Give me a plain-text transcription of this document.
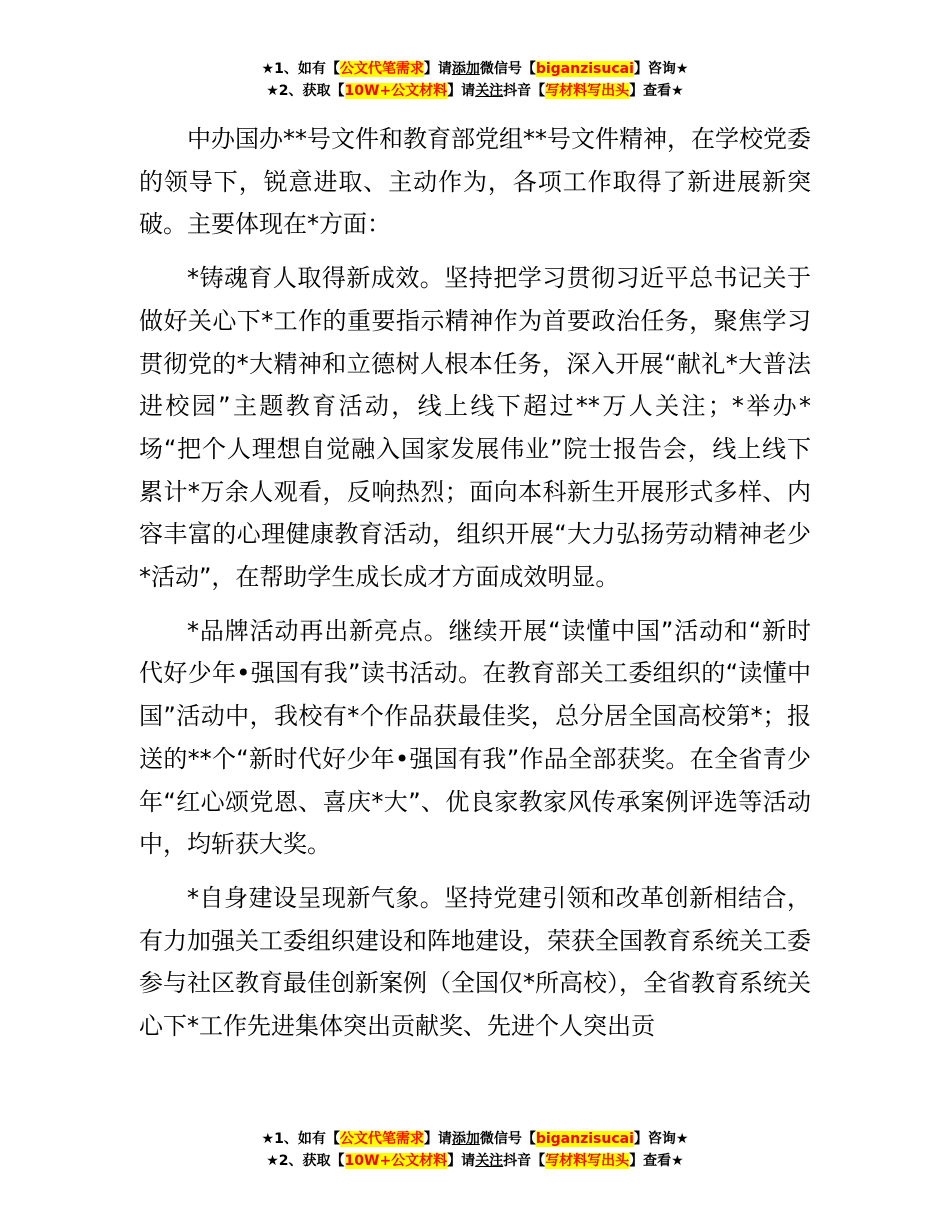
★1、如有【公文代笔需求】请添加微信号【biganzisucai】咨询★
★2、获取【10W+公文材料】请关注抖音【写材料写出头】查看★

中办国办**号文件和教育部党组**号文件精神，在学校党委的领导下，锐意进取、主动作为，各项工作取得了新进展新突破。主要体现在*方面：

*铸魂育人取得新成效。坚持把学习贯彻习近平总书记关于做好关心下*工作的重要指示精神作为首要政治任务，聚焦学习贯彻党的*大精神和立德树人根本任务，深入开展“献礼*大普法进校园”主题教育活动，线上线下超过**万人关注；*举办*场“把个人理想自觉融入国家发展伟业”院士报告会，线上线下累计*万余人观看，反响热烈；面向本科新生开展形式多样、内容丰富的心理健康教育活动，组织开展“大力弘扬劳动精神老少*活动”，在帮助学生成长成才方面成效明显。

*品牌活动再出新亮点。继续开展“读懂中国”活动和“新时代好少年•强国有我”读书活动。在教育部关工委组织的“读懂中国”活动中，我校有*个作品获最佳奖，总分居全国高校第*；报送的**个“新时代好少年•强国有我”作品全部获奖。在全省青少年“红心颂党恩、喜庆*大”、优良家教家风传承案例评选等活动中，均斩获大奖。

*自身建设呈现新气象。坚持党建引领和改革创新相结合，有力加强关工委组织建设和阵地建设，荣获全国教育系统关工委参与社区教育最佳创新案例（全国仅*所高校），全省教育系统关心下*工作先进集体突出贡献奖、先进个人突出贡

★1、如有【公文代笔需求】请添加微信号【biganzisucai】咨询★
★2、获取【10W+公文材料】请关注抖音【写材料写出头】查看★
